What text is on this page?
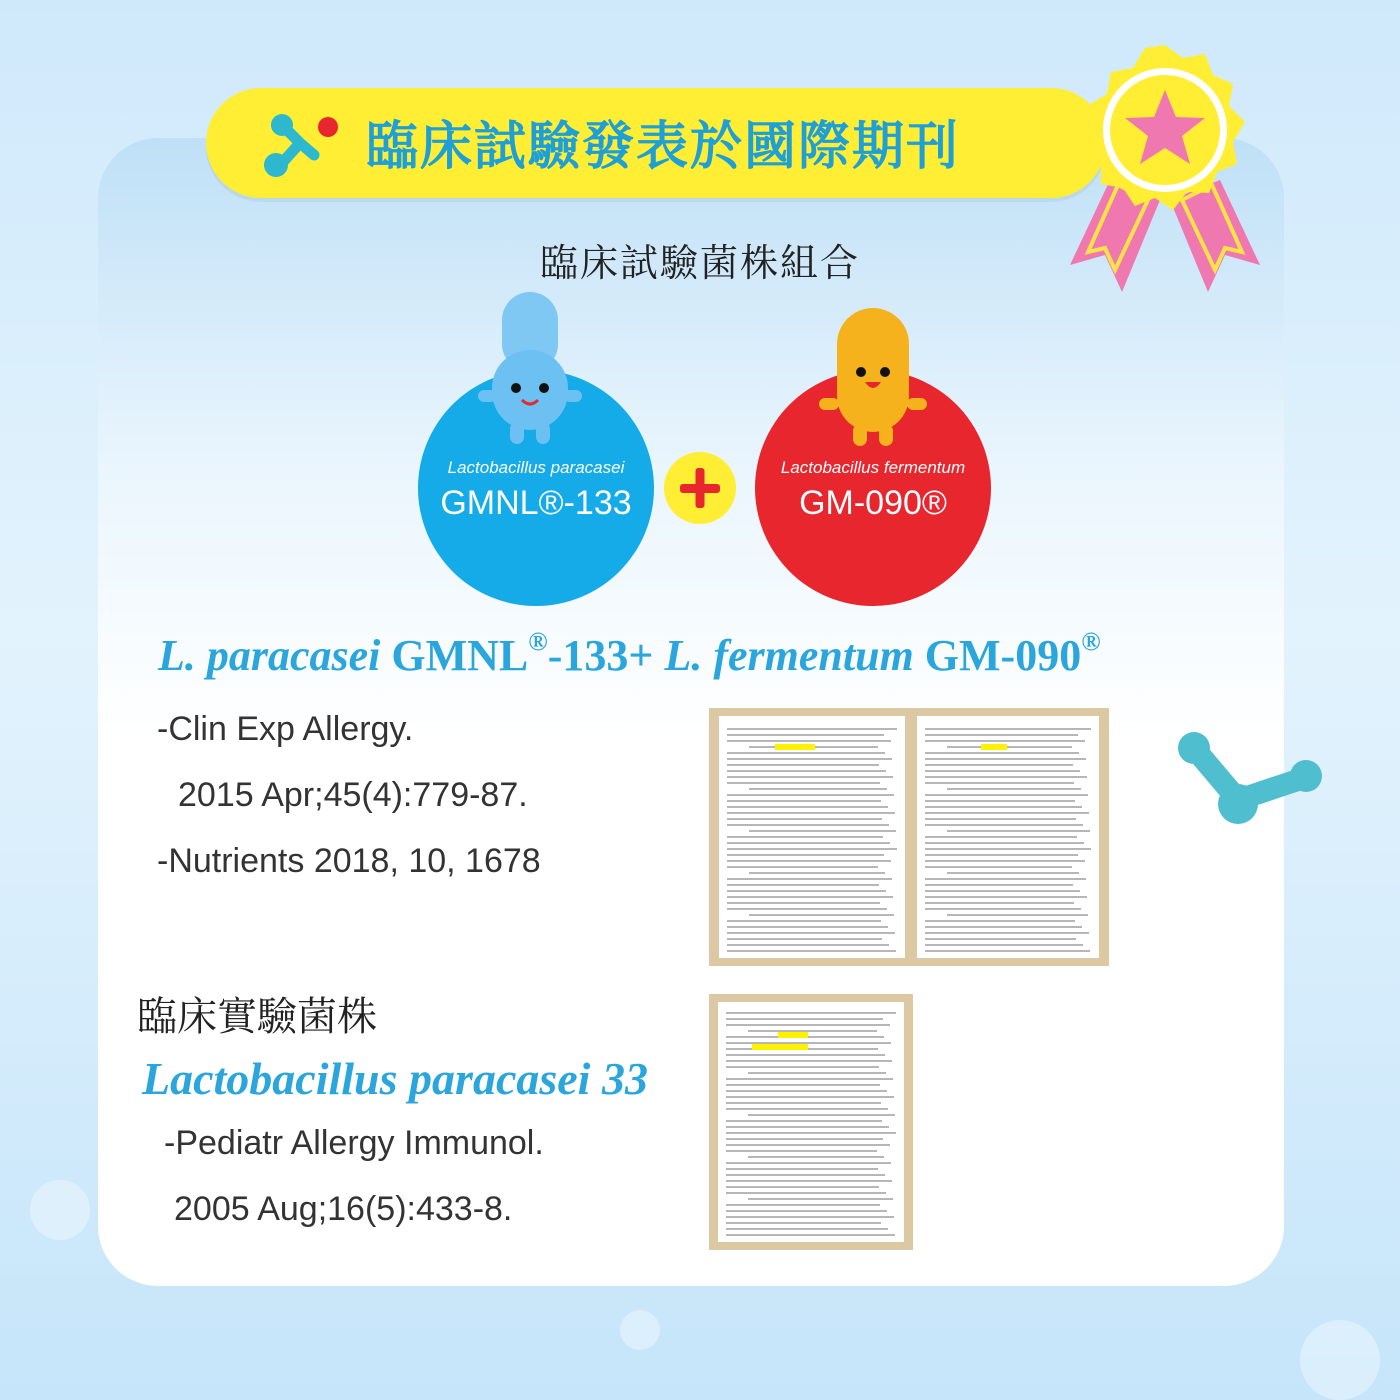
臨床試驗發表於國際期刊
臨床試驗菌株組合
Lactobacillus paracasei
GMNL®-133
Lactobacillus fermentum
GM-090®
L. paracasei GMNL®-133+ L. fermentum GM-090®
-Clin Exp Allergy.
2015 Apr;45(4):779-87.
-Nutrients 2018, 10, 1678
臨床實驗菌株
Lactobacillus paracasei 33
-Pediatr Allergy Immunol.
2005 Aug;16(5):433-8.
